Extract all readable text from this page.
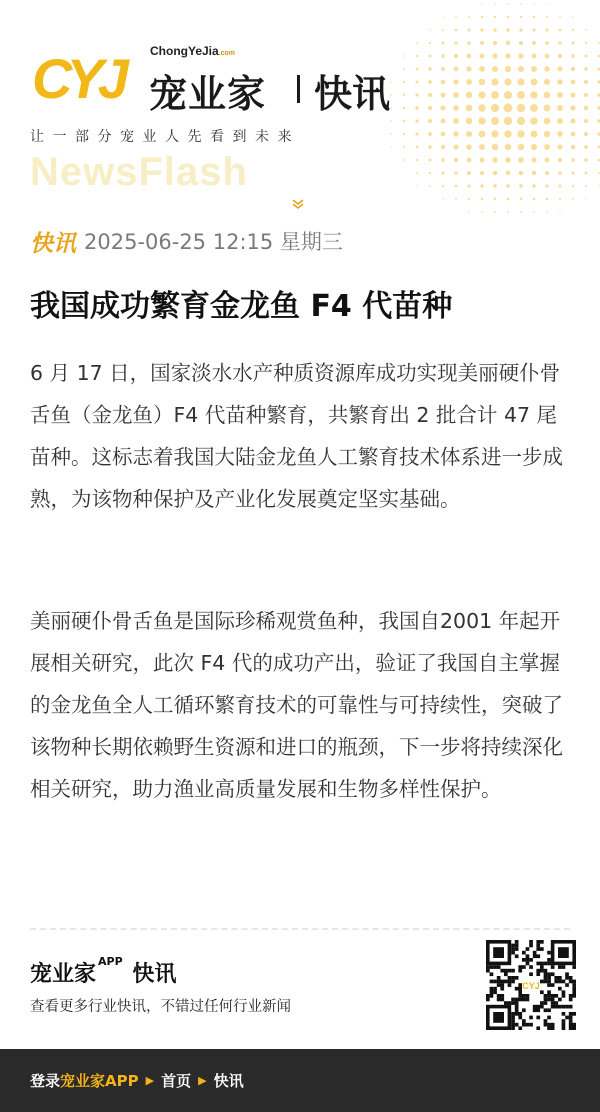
CYJ	ChongYeJia.com
宠业家 快讯
让一部分宠业人先看到未来
NewsFlash
快讯 2025-06-25 12:15 星期三
我国成功繁育金龙鱼 F4 代苗种

6 月 17 日，国家淡水水产种质资源库成功实现美丽硬仆骨舌鱼（金龙鱼）F4 代苗种繁育，共繁育出 2 批合计 47 尾苗种。这标志着我国大陆金龙鱼人工繁育技术体系进一步成熟，为该物种保护及产业化发展奠定坚实基础。

美丽硬仆骨舌鱼是国际珍稀观赏鱼种，我国自2001 年起开展相关研究，此次 F4 代的成功产出，验证了我国自主掌握的金龙鱼全人工循环繁育技术的可靠性与可持续性，突破了该物种长期依赖野生资源和进口的瓶颈，下一步将持续深化相关研究，助力渔业高质量发展和生物多样性保护。

宠业家$^{APP}$ 快讯
查看更多行业快讯，不错过任何行业新闻
CYJ
登录 宠业家APP ▶ 首页 ▶ 快讯
